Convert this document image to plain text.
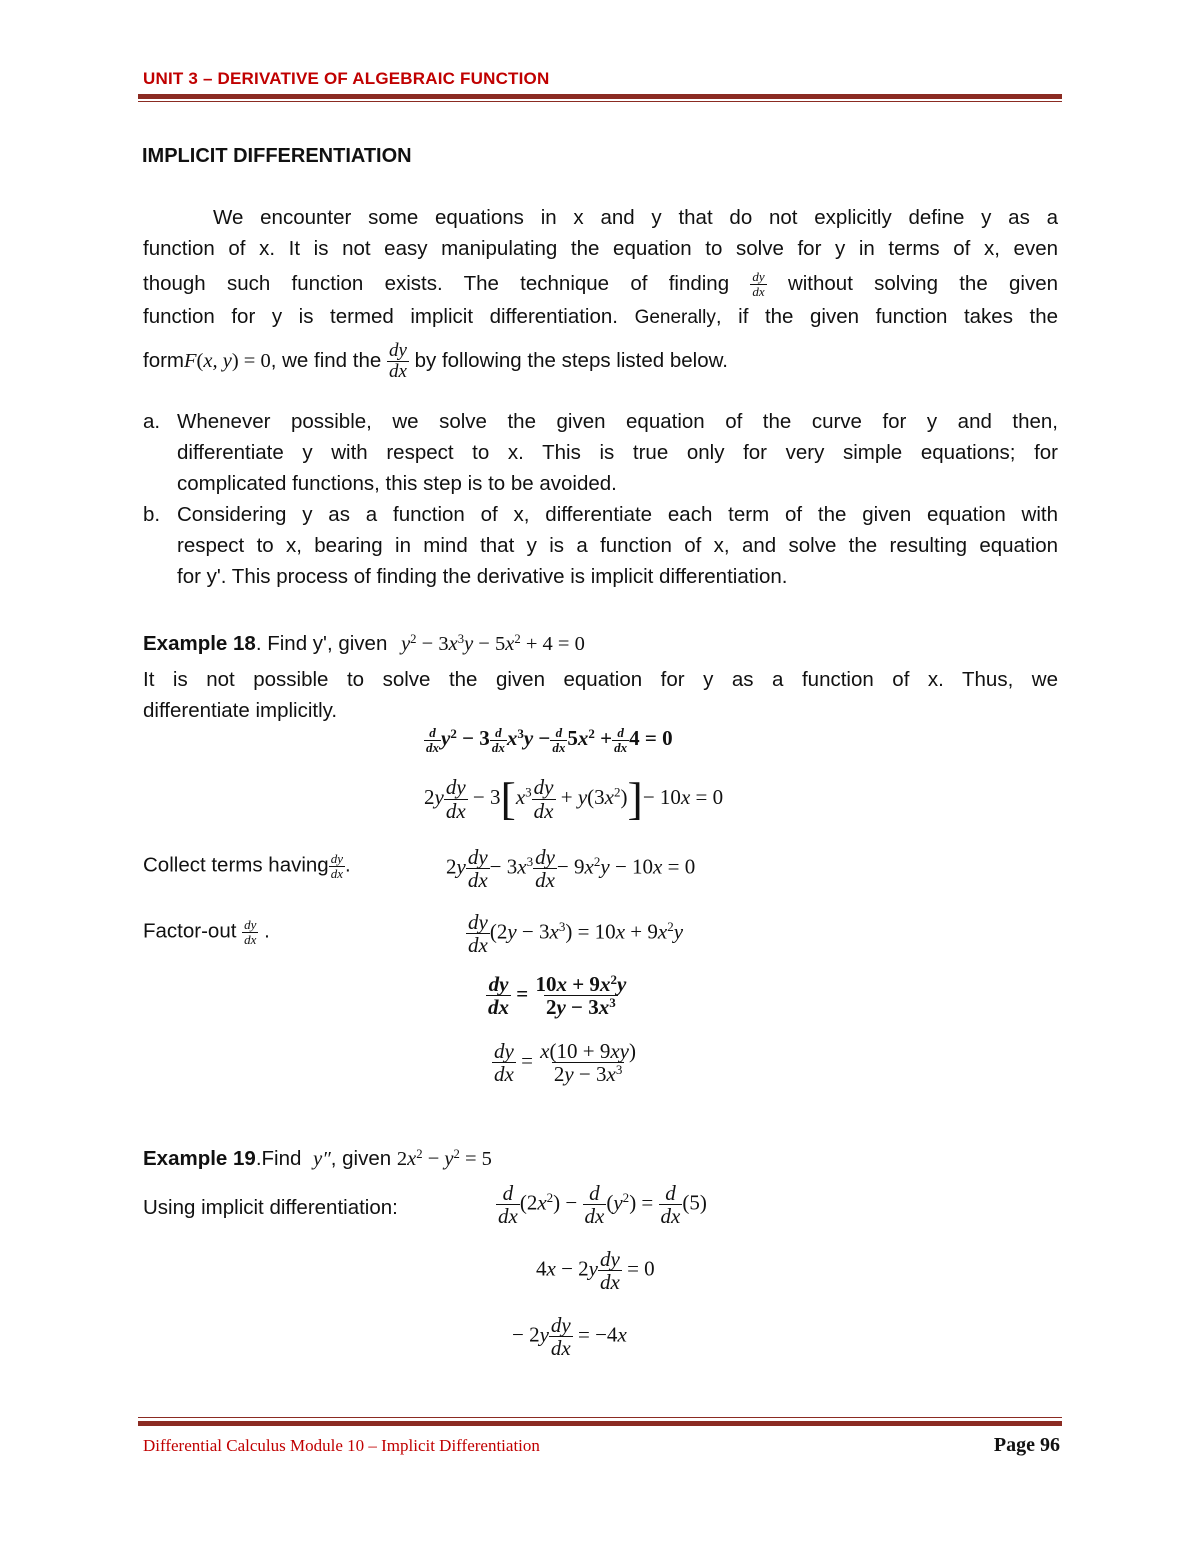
UNIT 3 – DERIVATIVE OF ALGEBRAIC FUNCTION
IMPLICIT DIFFERENTIATION
We encounter some equations in x and y that do not explicitly define y as a
function of x. It is not easy manipulating the equation to solve for y in terms of x, even
though such function exists. The technique of finding $\frac{dy}{dx}$ without solving the given
function for y is termed implicit differentiation. Generally, if the given function takes the
formF(x, y) = 0, we find the $\frac{dy}{dx}$ by following the steps listed below.
a. Whenever possible, we solve the given equation of the curve for y and then,
differentiate y with respect to x. This is true only for very simple equations; for
complicated functions, this step is to be avoided.
b. Considering y as a function of x, differentiate each term of the given equation with
respect to x, bearing in mind that y is a function of x, and solve the resulting equation
for y'. This process of finding the derivative is implicit differentiation.
Example 18. Find y', given $y^2 - 3x^3y - 5x^2 + 4 = 0$
It is not possible to solve the given equation for y as a function of x. Thus, we
differentiate implicitly.
$\frac{d}{dx} y^2 - 3 \frac{d}{dx} x^3y - \frac{d}{dx} 5x^2 + \frac{d}{dx} 4 = 0$
$2y \frac{dy}{dx} - 3[x^3 \frac{dy}{dx} + y(3x^2)]- 10x = 0$
Collect terms having $\frac{dy}{dx}$ .	$2y \frac{dy}{dx} - 3x^3 \frac{dy}{dx} - 9x^2y - 10x = 0$
Factor-out $\frac{dy}{dx}$ .	$\frac{dy}{dx} (2y - 3x^3) = 10x + 9x^2y$
$\frac{dy}{dx} = \frac{10x + 9x^2y}{2y - 3x^3}$
$\frac{dy}{dx} = \frac{x(10 + 9xy)}{2y - 3x^3}$
Example 19.Find y″, given $2x^2 - y^2 = 5$
Using implicit differentiation:	$\frac{d}{dx} (2x^2) - \frac{d}{dx} (y^2) = \frac{d}{dx} (5)$
$4x - 2y \frac{dy}{dx} = 0$
− $2y \frac{dy}{dx} = -4x$
Differential Calculus Module 10 – Implicit Differentiation	Page 96
